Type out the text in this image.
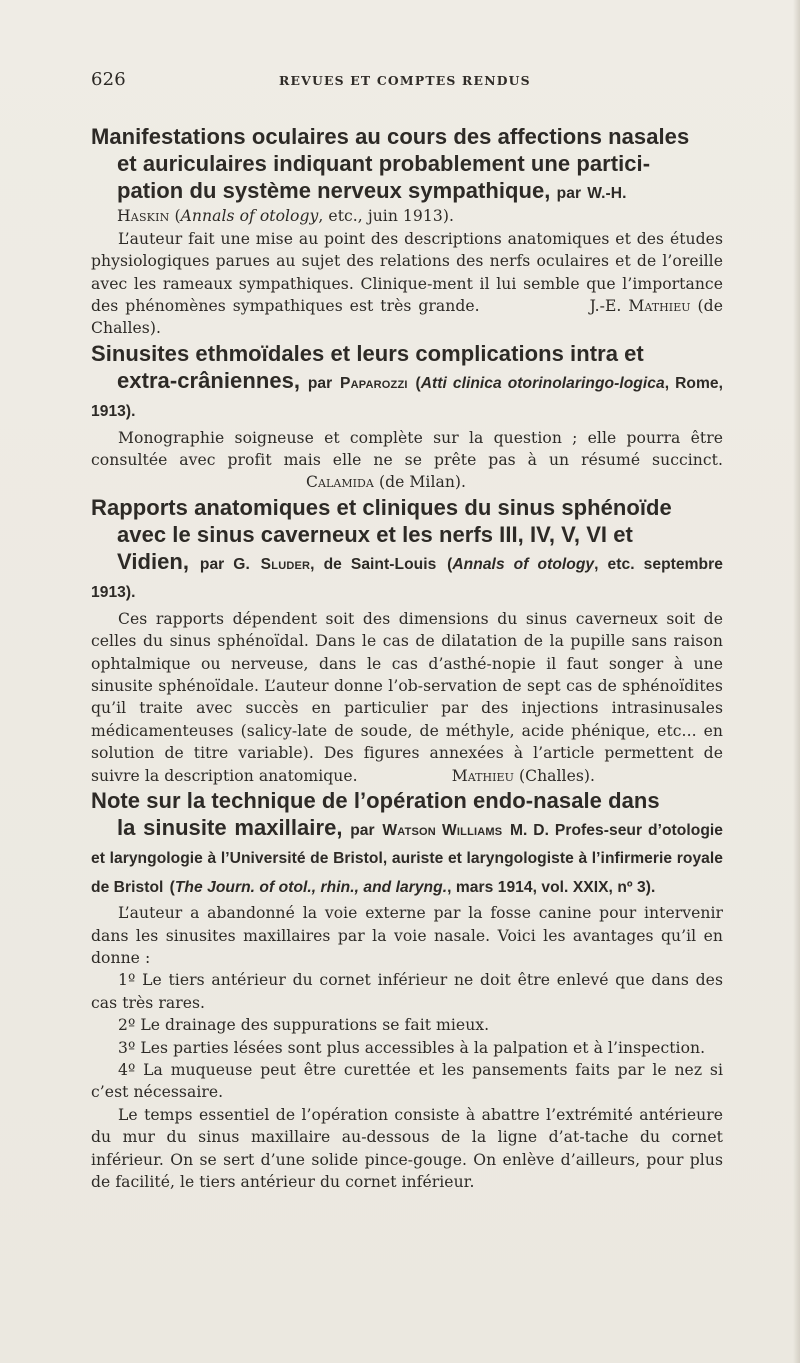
626	REVUES ET COMPTES RENDUS
Manifestations oculaires au cours des affections nasales
et auriculaires indiquant probablement une partici-
pation du système nerveux sympathique, par W.-H.
Haskin (Annals of otology, etc., juin 1913).

L’auteur fait une mise au point des descriptions anatomiques et des études physiologiques parues au sujet des relations des nerfs oculaires et de l’oreille avec les rameaux sympathiques. Clinique-ment il lui semble que l’importance des phénomènes sympathiques est très grande.	J.-E. Mathieu (de Challes).

Sinusites ethmoïdales et leurs complications intra et
extra-crâniennes, par Paparozzi (Atti clinica otorinolaringo-logica, Rome, 1913).

Monographie soigneuse et complète sur la question ; elle pourra être consultée avec profit mais elle ne se prête pas à un résumé succinct.  Calamida (de Milan).

Rapports anatomiques et cliniques du sinus sphénoïde
avec le sinus caverneux et les nerfs III, IV, V, VI et
Vidien, par G. Sluder, de Saint-Louis (Annals of otology, etc. septembre 1913).

Ces rapports dépendent soit des dimensions du sinus caverneux soit de celles du sinus sphénoïdal. Dans le cas de dilatation de la pupille sans raison ophtalmique ou nerveuse, dans le cas d’asthé-nopie il faut songer à une sinusite sphénoïdale. L’auteur donne l’ob-servation de sept cas de sphénoïdites qu’il traite avec succès en particulier par des injections intrasinusales médicamenteuses (salicy-late de soude, de méthyle, acide phénique, etc... en solution de titre variable). Des figures annexées à l’article permettent de suivre la description anatomique.	Mathieu (Challes).

Note sur la technique de l’opération endo-nasale dans
la sinusite maxillaire, par Watson Williams M. D. Profes-seur d’otologie et laryngologie à l’Université de Bristol, auriste et laryngologiste à l’infirmerie royale de Bristol (The Journ. of otol., rhin., and laryng., mars 1914, vol. XXIX, nº 3).

L’auteur a abandonné la voie externe par la fosse canine pour intervenir dans les sinusites maxillaires par la voie nasale. Voici les avantages qu’il en donne :

1º Le tiers antérieur du cornet inférieur ne doit être enlevé que dans des cas très rares.

2º Le drainage des suppurations se fait mieux.

3º Les parties lésées sont plus accessibles à la palpation et à l’inspection.

4º La muqueuse peut être curettée et les pansements faits par le nez si c’est nécessaire.

Le temps essentiel de l’opération consiste à abattre l’extrémité antérieure du mur du sinus maxillaire au-dessous de la ligne d’at-tache du cornet inférieur. On se sert d’une solide pince-gouge. On enlève d’ailleurs, pour plus de facilité, le tiers antérieur du cornet inférieur.
